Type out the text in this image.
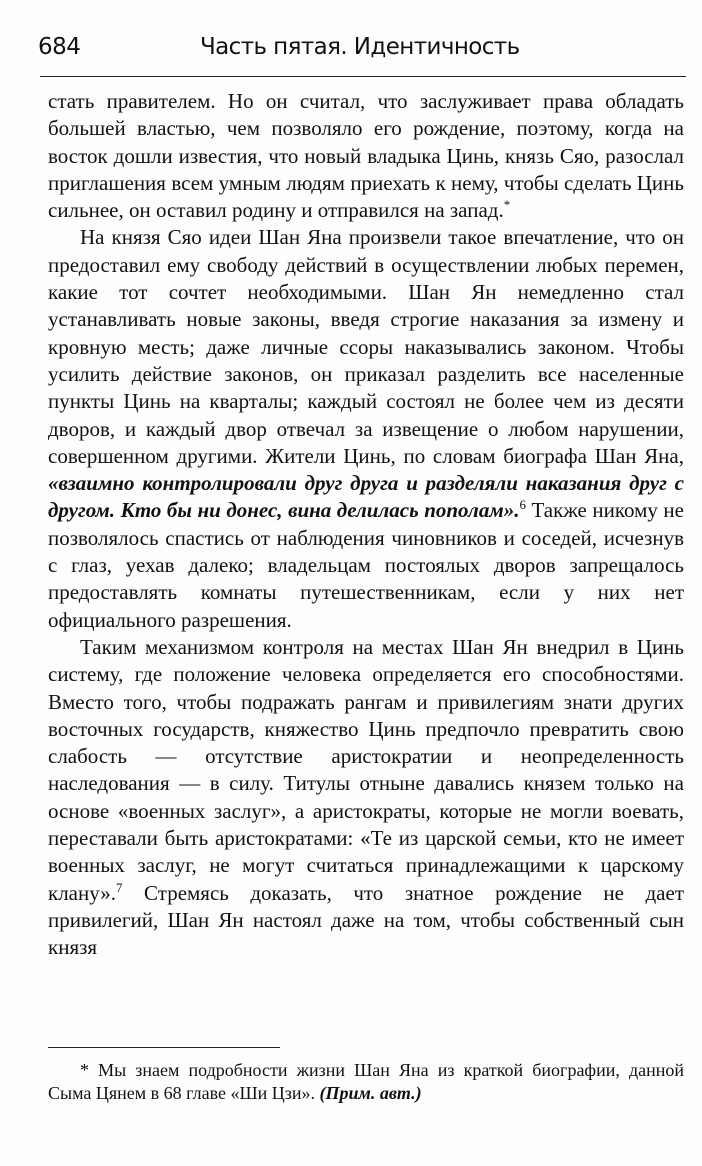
684	Часть пятая. Идентичность

стать правителем. Но он считал, что заслуживает права обладать большей властью, чем позволяло его рождение, поэтому, когда на восток дошли известия, что новый владыка Цинь, князь Сяо, разослал приглашения всем умным людям приехать к нему, чтобы сделать Цинь сильнее, он оставил родину и отправился на запад.*

На князя Сяо идеи Шан Яна произвели такое впечатление, что он предоставил ему свободу действий в осуществлении любых перемен, какие тот сочтет необходимыми. Шан Ян немедленно стал устанавливать новые законы, введя строгие наказания за измену и кровную месть; даже личные ссоры наказывались законом. Чтобы усилить действие законов, он приказал разделить все населенные пункты Цинь на кварталы; каждый состоял не более чем из десяти дворов, и каждый двор отвечал за извещение о любом нарушении, совершенном другими. Жители Цинь, по словам биографа Шан Яна, «взаимно контролировали друг друга и разделяли наказания друг с другом. Кто бы ни донес, вина делилась пополам».$^6$ Также никому не позволялось спастись от наблюдения чиновников и соседей, исчезнув с глаз, уехав далеко; владельцам постоялых дворов запрещалось предоставлять комнаты путешественникам, если у них нет официального разрешения.

Таким механизмом контроля на местах Шан Ян внедрил в Цинь систему, где положение человека определяется его способностями. Вместо того, чтобы подражать рангам и привилегиям знати других восточных государств, княжество Цинь предпочло превратить свою слабость — отсутствие аристократии и неопределенность наследования — в силу. Титулы отныне давались князем только на основе «военных заслуг», а аристократы, которые не могли воевать, переставали быть аристократами: «Те из царской семьи, кто не имеет военных заслуг, не могут считаться принадлежащими к царскому клану».$^7$ Стремясь доказать, что знатное рождение не дает привилегий, Шан Ян настоял даже на том, чтобы собственный сын князя

* Мы знаем подробности жизни Шан Яна из краткой биографии, данной Сыма Цянем в 68 главе «Ши Цзи». (Прим. авт.)
